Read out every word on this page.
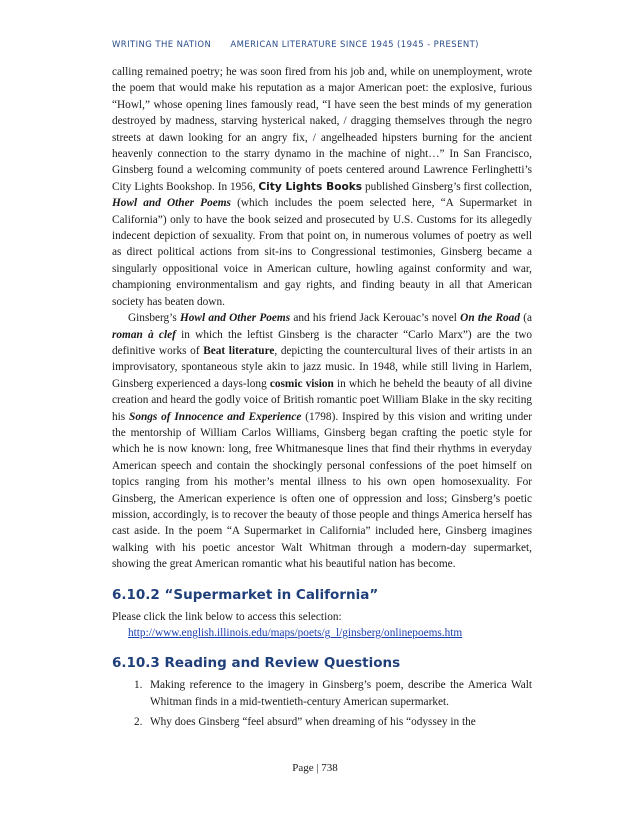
WRITING THE NATION AMERICAN LITERATURE SINCE 1945 (1945 - PRESENT)

calling remained poetry; he was soon fired from his job and, while on unemployment, wrote the poem that would make his reputation as a major American poet: the explosive, furious “Howl,” whose opening lines famously read, “I have seen the best minds of my generation destroyed by madness, starving hysterical naked, / dragging themselves through the negro streets at dawn looking for an angry fix, / angelheaded hipsters burning for the ancient heavenly connection to the starry dynamo in the machine of night…” In San Francisco, Ginsberg found a welcoming community of poets centered around Lawrence Ferlinghetti’s City Lights Bookshop. In 1956, City Lights Books published Ginsberg’s first collection, Howl and Other Poems (which includes the poem selected here, “A Supermarket in California”) only to have the book seized and prosecuted by U.S. Customs for its allegedly indecent depiction of sexuality. From that point on, in numerous volumes of poetry as well as direct political actions from sit-ins to Congressional testimonies, Ginsberg became a singularly oppositional voice in American culture, howling against conformity and war, championing environmentalism and gay rights, and finding beauty in all that American society has beaten down.

Ginsberg’s Howl and Other Poems and his friend Jack Kerouac’s novel On the Road (a roman à clef in which the leftist Ginsberg is the character “Carlo Marx”) are the two definitive works of Beat literature, depicting the countercultural lives of their artists in an improvisatory, spontaneous style akin to jazz music. In 1948, while still living in Harlem, Ginsberg experienced a days-long cosmic vision in which he beheld the beauty of all divine creation and heard the godly voice of British romantic poet William Blake in the sky reciting his Songs of Innocence and Experience (1798). Inspired by this vision and writing under the mentorship of William Carlos Williams, Ginsberg began crafting the poetic style for which he is now known: long, free Whitmanesque lines that find their rhythms in everyday American speech and contain the shockingly personal confessions of the poet himself on topics ranging from his mother’s mental illness to his own open homosexuality. For Ginsberg, the American experience is often one of oppression and loss; Ginsberg’s poetic mission, accordingly, is to recover the beauty of those people and things America herself has cast aside. In the poem “A Supermarket in California” included here, Ginsberg imagines walking with his poetic ancestor Walt Whitman through a modern-day supermarket, showing the great American romantic what his beautiful nation has become.

6.10.2 “Supermarket in California”

Please click the link below to access this selection:

http://www.english.illinois.edu/maps/poets/g_l/ginsberg/onlinepoems.htm

6.10.3 Reading and Review Questions
1. Making reference to the imagery in Ginsberg’s poem, describe the America Walt Whitman finds in a mid-twentieth-century American supermarket.
2. Why does Ginsberg “feel absurd” when dreaming of his “odyssey in the
Page | 738
